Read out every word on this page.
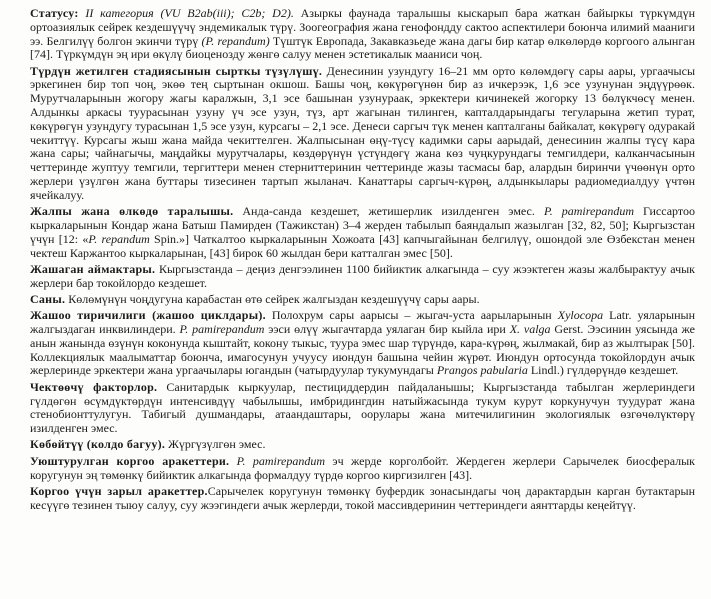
Статусу: II категория (VU B2ab(iii); C2b; D2). Азыркы фаунада таралышы кыскарып бара жаткан байыркы түркүмдүн ортоазиялык сейрек кездешүүчү эндемикалык түрү. Зоогеография жана генофондду сактоо аспектилери боюнча илимий мааниги ээ. Белгилүү болгон экинчи түрү (P. repandum) Түштүк Европада, Закавказьеде жана дагы бир катар өлкөлөрдө коргоого алынган [74]. Түркүмдүн эң ири өкүлү биоценозду жөнгө салуу менен эстетикалык мааниси чоң.

Түрдүн жетилген стадиясынын сырткы түзүлүшү. Денесинин узундугу 16–21 мм орто көлөмдөгү сары аары, ургаачысы эркегинен бир топ чоң, экөө тең сыртынан окшош. Башы чоң, көкүрөгүнөн бир аз ичкерээк, 1,6 эсе узунунан эңдүүрөөк. Мурутчаларынын жогору жагы каралжын, 3,1 эсе башынан узунураак, эркектери кичинекей жогорку 13 бөлүкчөсү менен. Алдынкы аркасы туурасынан узуну үч эсе узун, түз, арт жагынан тилинген, капталдарындагы тегуларына жетип турат, көкүрөгүн узундугу турасынан 1,5 эсе узун, курсагы – 2,1 эсе. Денеси саргыч түк менен капталганы байкалат, көкүрөгү одуракай чекиттүү. Курсагы жыш жана майда чекиттелген. Жалпысынан өңү-түсү кадимки сары аарыдай, денесинин жалпы түсү кара жана сары; чайнагычы, маңдайкы мурутчалары, көздөрүнүн үстүндөгү жана көз чуңкурундагы темгилдери, калканчасынын четтеринде жуптуу темгили, тергиттери менен стерниттеринин четтеринде жазы тасмасы бар, алардын биринчи үчөөнүн орто жерлери үзүлгөн жана буттары тизесинен тартып жыланач. Канаттары саргыч-күрөң, алдынкылары радиомедиалдуу үчтөн ячейкалуу.

Жалпы жана өлкөдө таралышы. Анда-санда кездешет, жетишерлик изилденген эмес. P. pamirepandum Гиссартоо кыркаларынын Кондар жана Батыш Памирден (Тажикстан) 3–4 жерден табылып баяндалып жазылган [32, 82, 50]; Кыргызстан үчүн [12: «P. repandum Spin.»] Чаткалтоо кыркаларынын Хожоата [43] капчыгайынан белгилүү, ошондой эле Өзбекстан менен чектеш Каржантоо кыркаларынан, [43] бирок 60 жылдан бери катталган эмес [50].

Жашаган аймактары. Кыргызстанда – деңиз денгээлинен 1100 бийиктик алкагында – суу жээктеген жазы жалбырактуу ачык жерлери бар токойлордо кездешет.

Саны. Көлөмүнүн чоңдугуна карабастан өтө сейрек жалгыздан кездешүүчү сары аары.

Жашоо тиричилиги (жашоо циклдары). Полохрум сары аарысы – жыгач-уста аарыларынын Xylocopa Latr. уяларынын жалгыздаган инквилиндери. P. pamirepandum ээси өлүү жыгачтарда уялаган бир кыйла ири X. valga Gerst. Ээсинин уясында же анын жанында өзүнүн коконунда кыштайт, кокону тыкыс, туура эмес шар түрүндө, кара-күрөң, жылмакай, бир аз жылтырак [50]. Коллекциялык маалыматтар боюнча, имагосунун учуусу июндун башына чейин жүрөт. Июндун ортосунда токойлордун ачык жерлеринде эркектери жана ургаачылары югандын (чатырдуулар тукумундагы Prangos pabularia Lindl.) гүлдөрүндө кездешет.

Чектөөчү факторлор. Санитардык кыркуулар, пестициддердин пайдаланышы; Кыргызстанда табылган жерлериндеги гүлдөгөн өсүмдүктөрдүн интенсивдүү чабылышы, имбридингдин натыйжасында тукум курут коркунучун туудурат жана стенобионттулугун. Табигый душмандары, атаандаштары, оорулары жана митечилигинин экологиялык өзгөчөлүктөрү изилденген эмес.

Көбөйтүү (колдо багуу). Жүргүзүлгөн эмес.

Уюштурулган коргоо аракеттери. P. pamirepandum эч жерде корголбойт. Жердеген жерлери Сарычелек биосфералык коругунун эң төмөнкү бийиктик алкагында формалдуу түрдө коргоо киргизилген [43].

Коргоо үчүн зарыл аракеттер.Сарычелек коругунун төмөнкү буфердик зонасындагы чоң дарактардын карган бутактарын кесүүгө тезинен тыюу салуу, суу жээгиндеги ачык жерлерди, токой массивдеринин четтериндеги аянттарды кеңейтүү.
